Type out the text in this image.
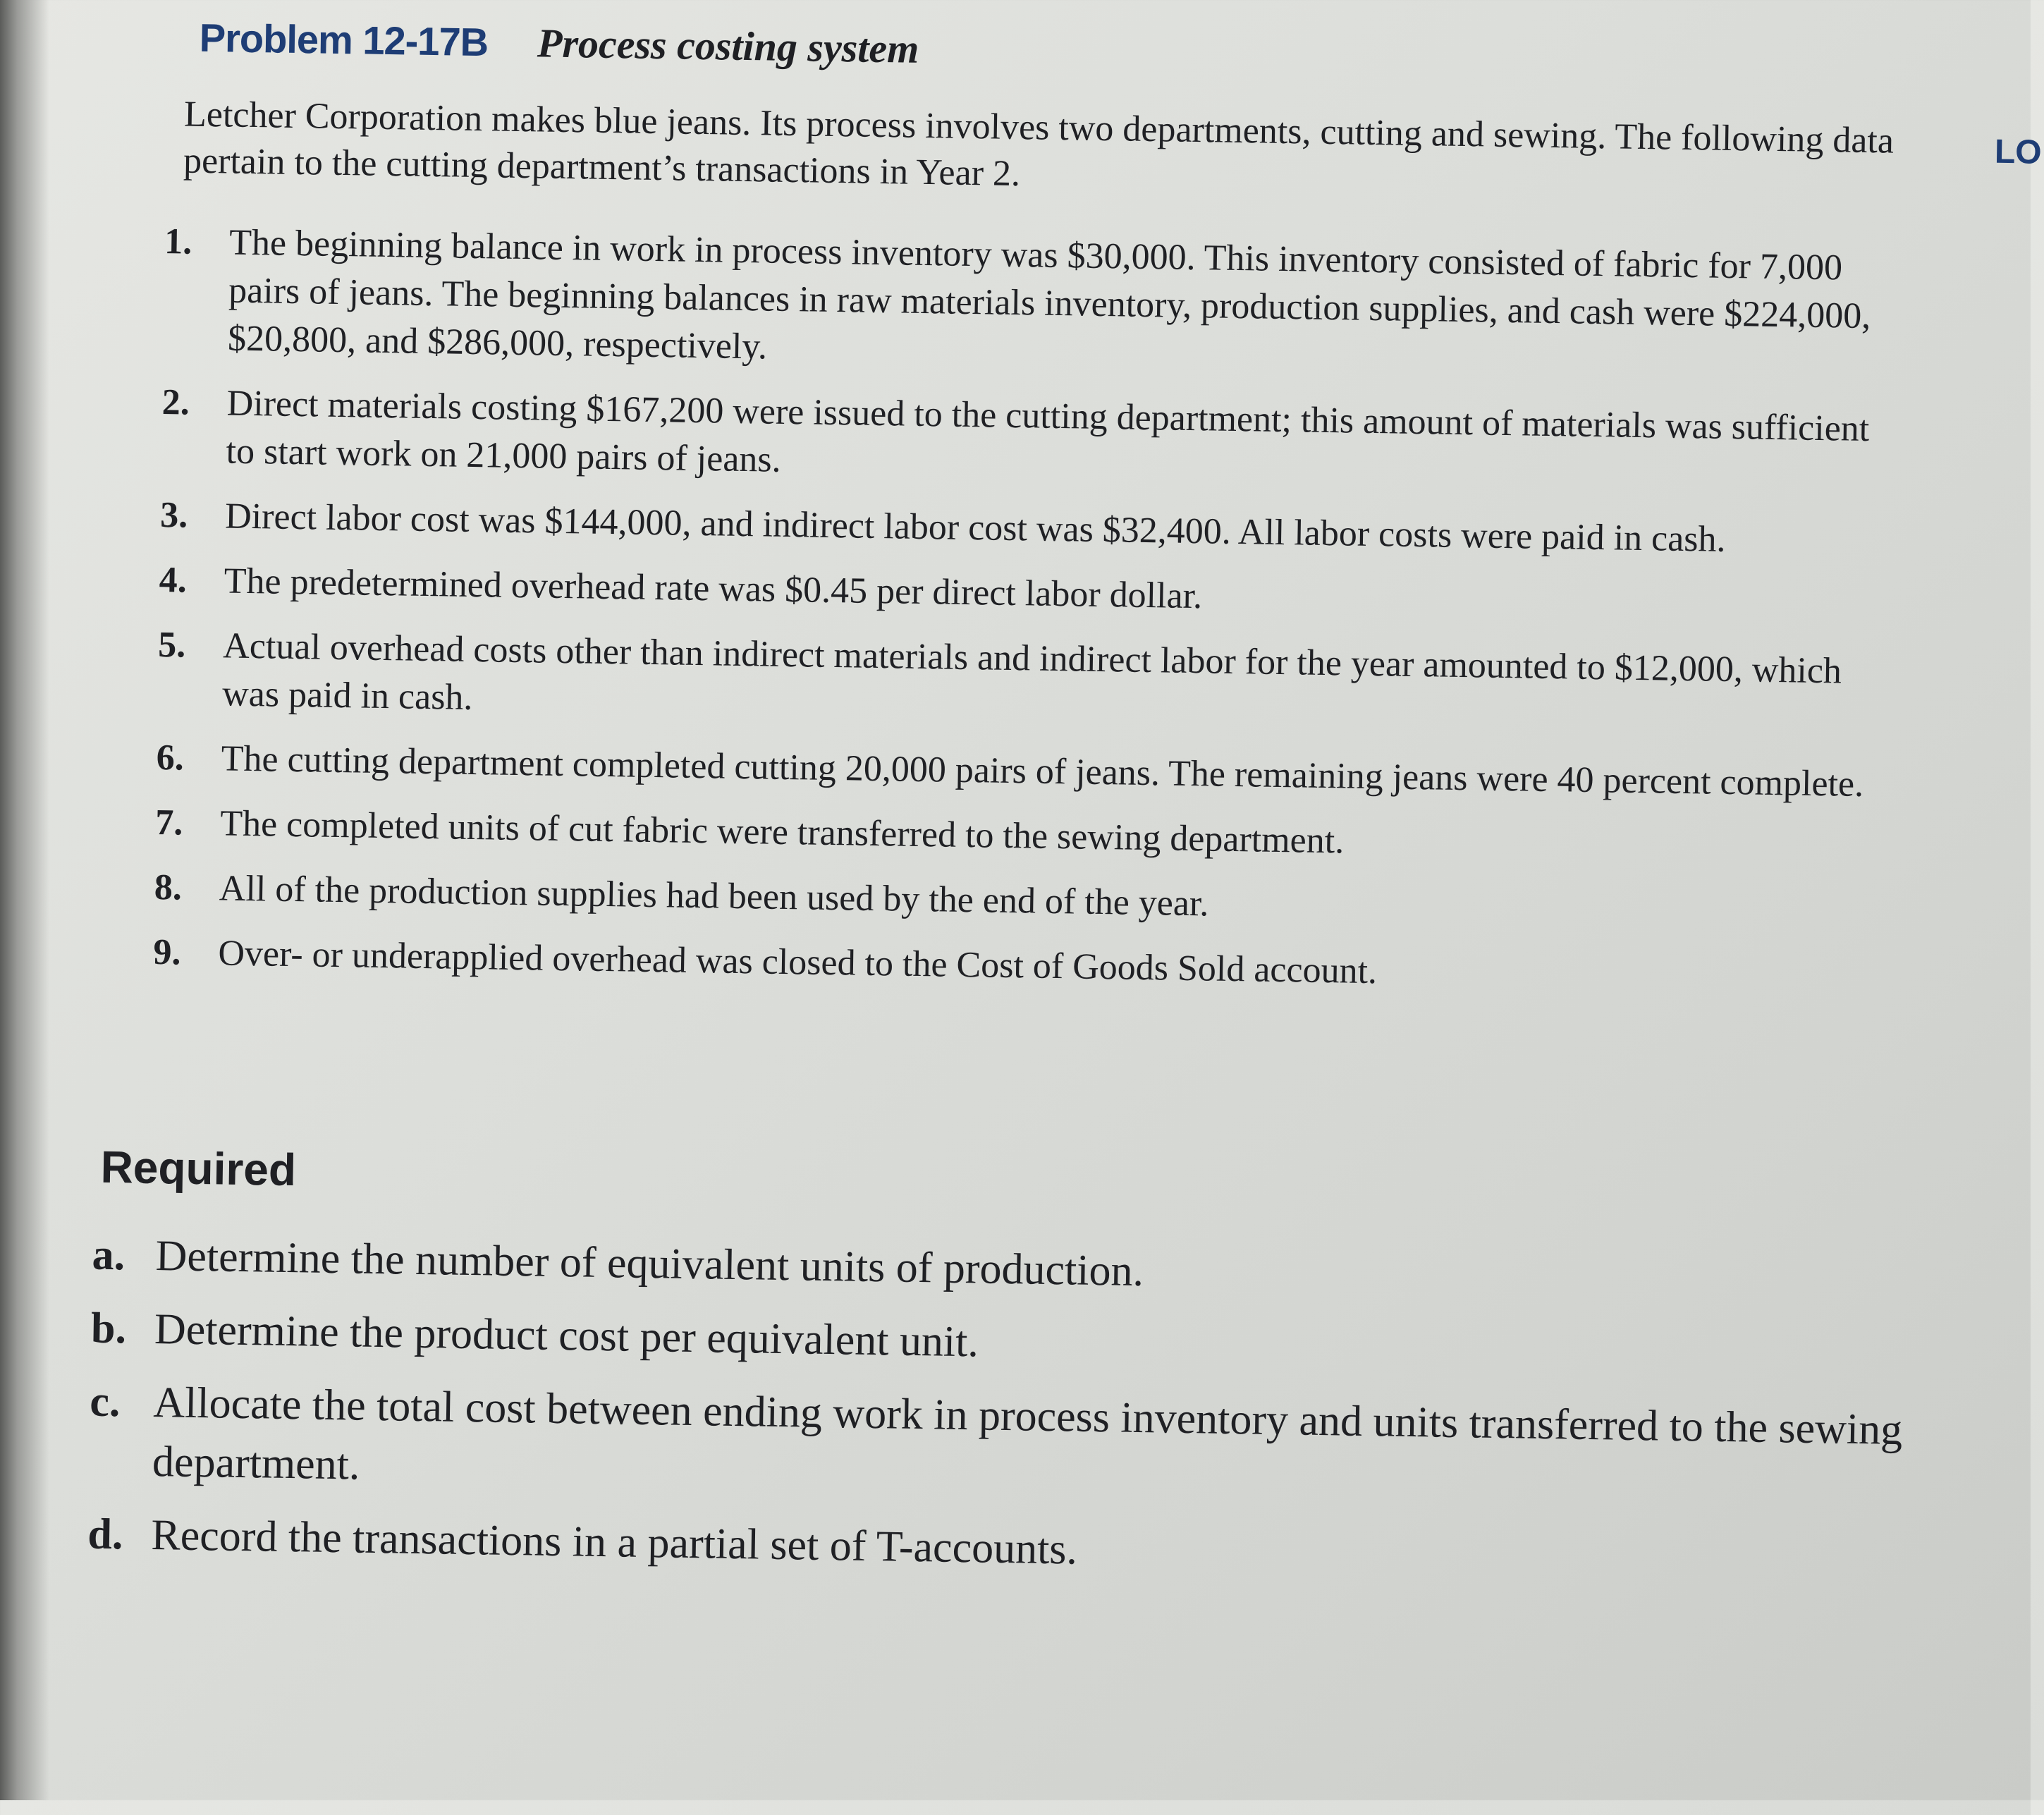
Problem 12-17B Process costing system

Letcher Corporation makes blue jeans. Its process involves two departments, cutting and sewing. The following data pertain to the cutting department’s transactions in Year 2.

1. The beginning balance in work in process inventory was $30,000. This inventory consisted of fabric for 7,000 pairs of jeans. The beginning balances in raw materials inventory, production supplies, and cash were $224,000, $20,800, and $286,000, respectively.
2. Direct materials costing $167,200 were issued to the cutting department; this amount of materials was sufficient to start work on 21,000 pairs of jeans.
3. Direct labor cost was $144,000, and indirect labor cost was $32,400. All labor costs were paid in cash.
4. The predetermined overhead rate was $0.45 per direct labor dollar.
5. Actual overhead costs other than indirect materials and indirect labor for the year amounted to $12,000, which was paid in cash.
6. The cutting department completed cutting 20,000 pairs of jeans. The remaining jeans were 40 percent complete.
7. The completed units of cut fabric were transferred to the sewing department.
8. All of the production supplies had been used by the end of the year.
9. Over- or underapplied overhead was closed to the Cost of Goods Sold account.
Required
a. Determine the number of equivalent units of production.
b. Determine the product cost per equivalent unit.
c. Allocate the total cost between ending work in process inventory and units transferred to the sewing department.
d. Record the transactions in a partial set of T-accounts.
LO
